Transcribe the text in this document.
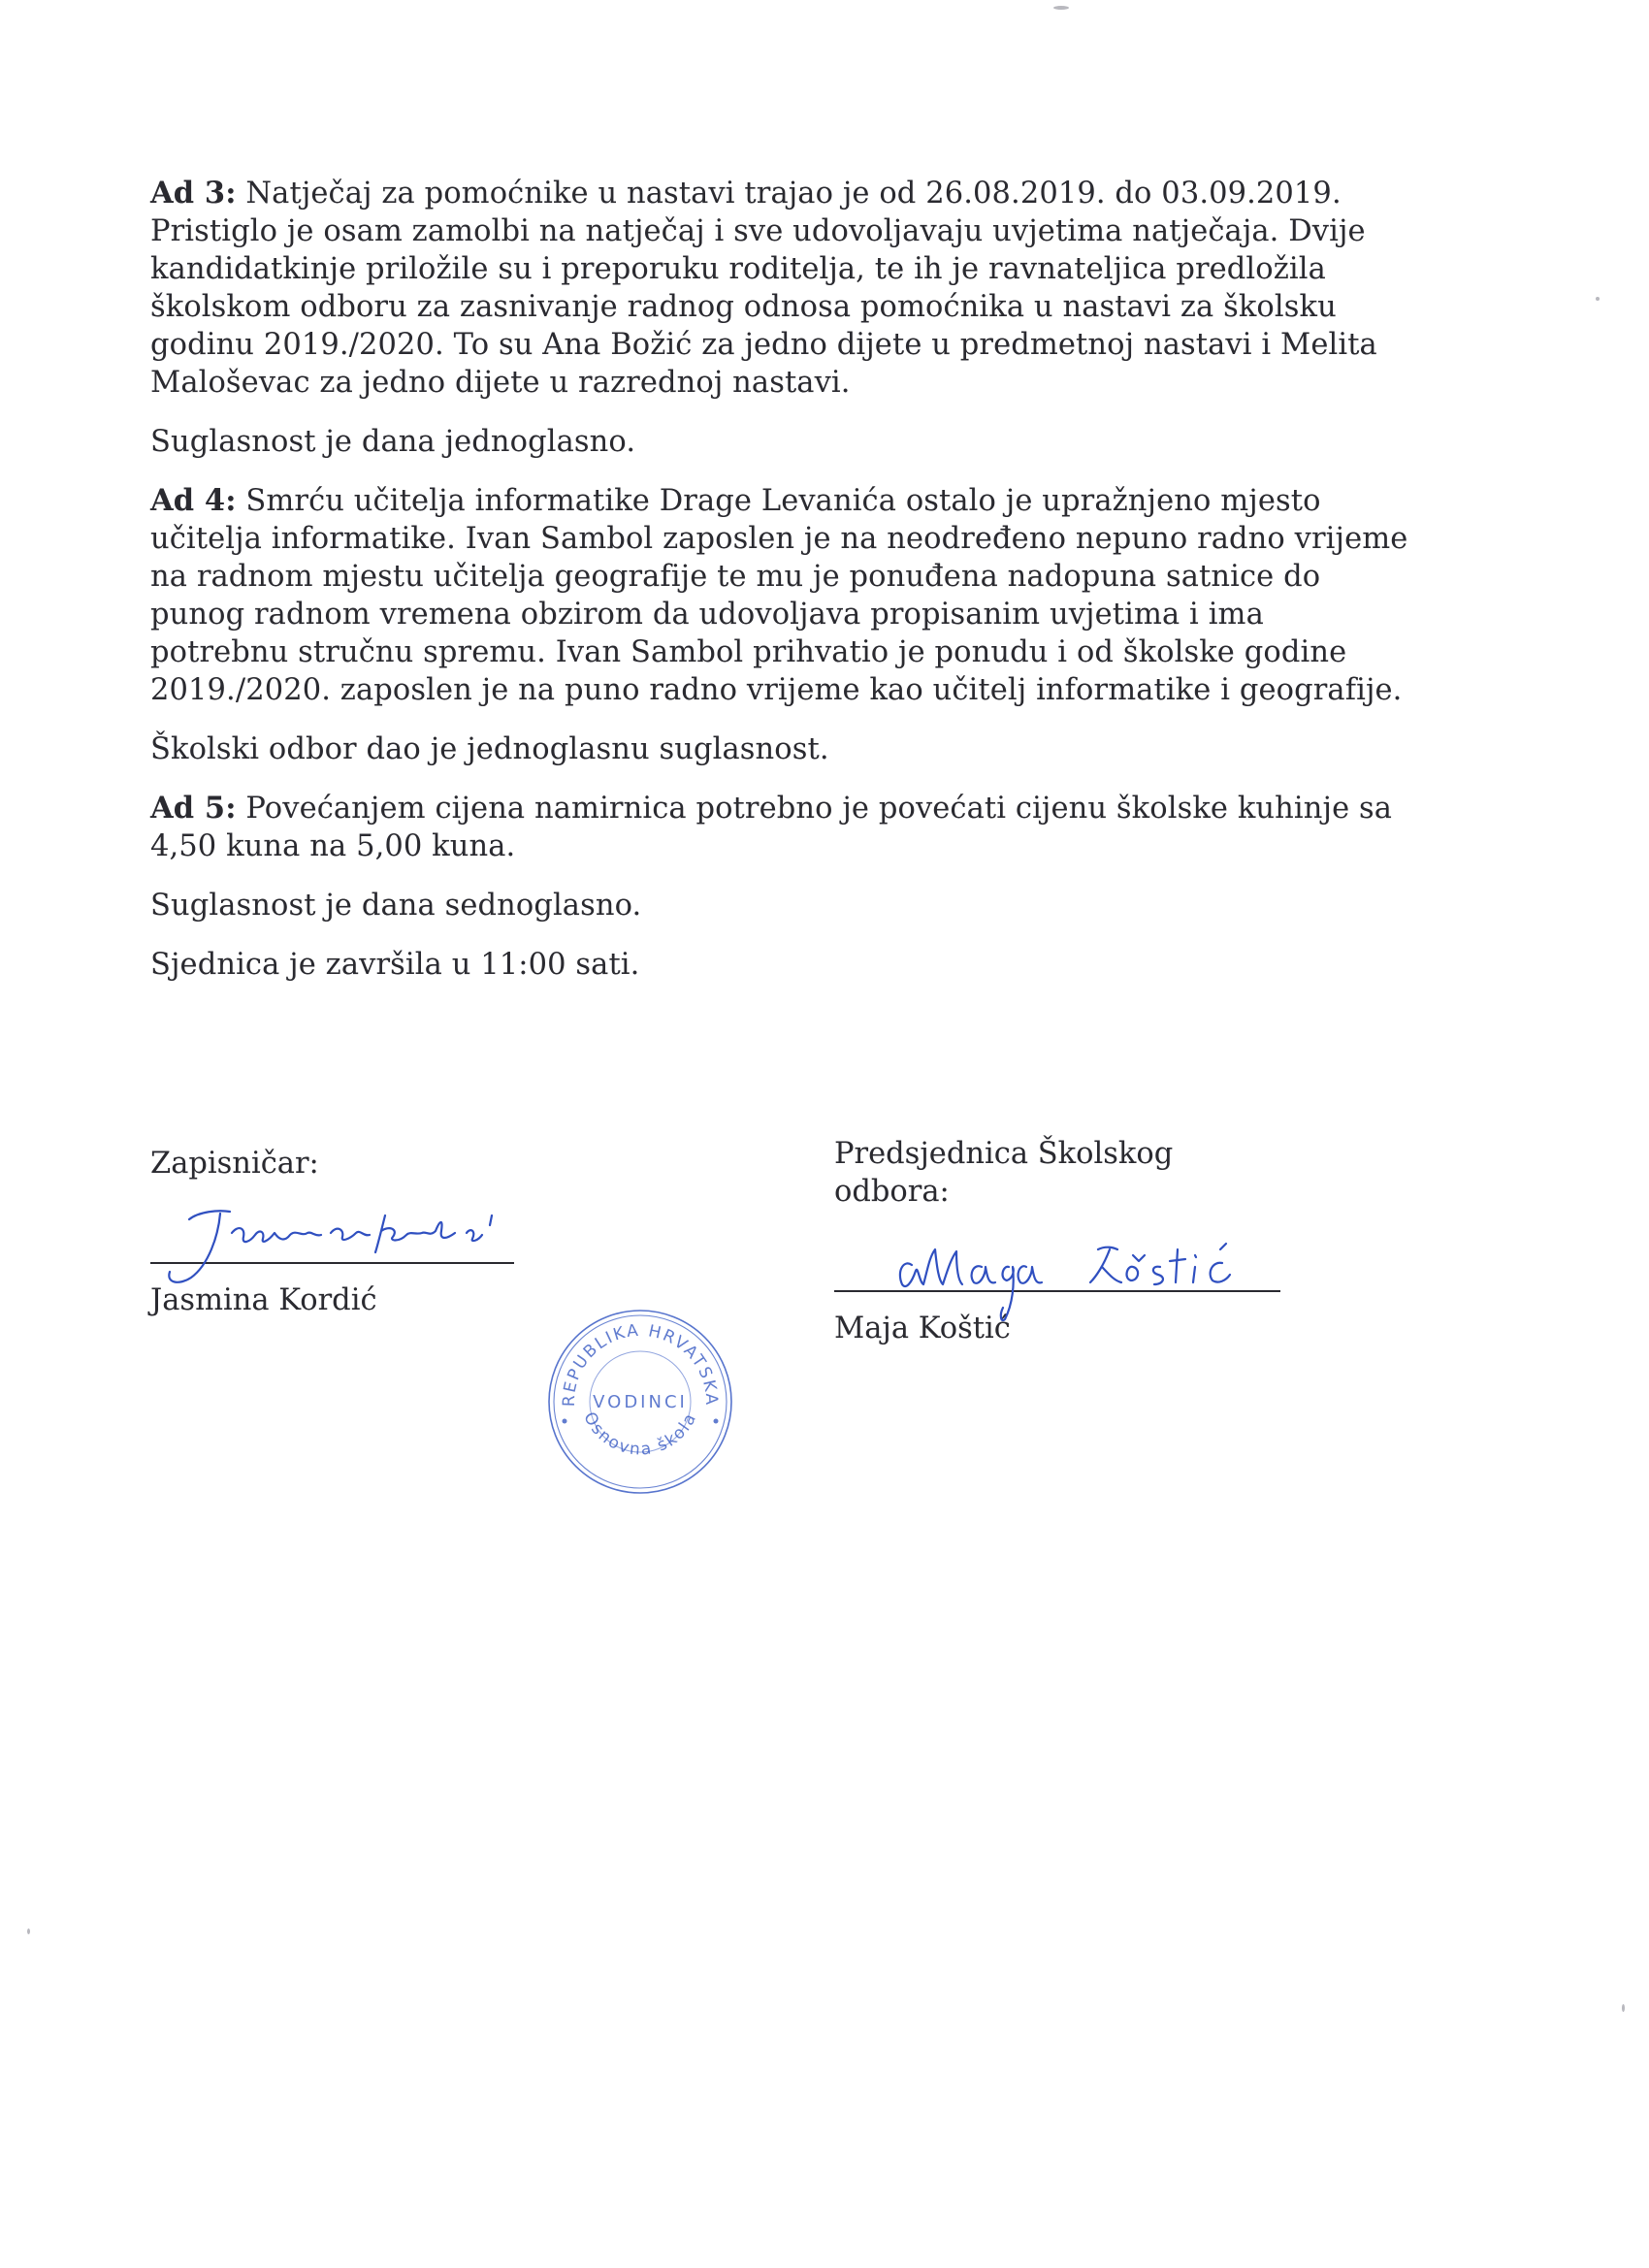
Ad 3: Natječaj za pomoćnike u nastavi trajao je od 26.08.2019. do 03.09.2019. Pristiglo je osam zamolbi na natječaj i sve udovoljavaju uvjetima natječaja. Dvije kandidatkinje priložile su i preporuku roditelja, te ih je ravnateljica predložila školskom odboru za zasnivanje radnog odnosa pomoćnika u nastavi za školsku godinu 2019./2020. To su Ana Božić za jedno dijete u predmetnoj nastavi i Melita Maloševac za jedno dijete u razrednoj nastavi.

Suglasnost je dana jednoglasno.

Ad 4: Smrću učitelja informatike Drage Levanića ostalo je upražnjeno mjesto učitelja informatike. Ivan Sambol zaposlen je na neodređeno nepuno radno vrijeme na radnom mjestu učitelja geografije te mu je ponuđena nadopuna satnice do punog radnom vremena obzirom da udovoljava propisanim uvjetima i ima potrebnu stručnu spremu. Ivan Sambol prihvatio je ponudu i od školske godine 2019./2020. zaposlen je na puno radno vrijeme kao učitelj informatike i geografije.

Školski odbor dao je jednoglasnu suglasnost.

Ad 5: Povećanjem cijena namirnica potrebno je povećati cijenu školske kuhinje sa 4,50 kuna na 5,00 kuna.

Suglasnost je dana sednoglasno.

Sjednica je završila u 11:00 sati.

Zapisničar:

Jasmina Kordić

Predsjednica Školskog odbora:

Maja Koštić

REPUBLIKA HRVATSKA
VODINCI
Osnovna škola
